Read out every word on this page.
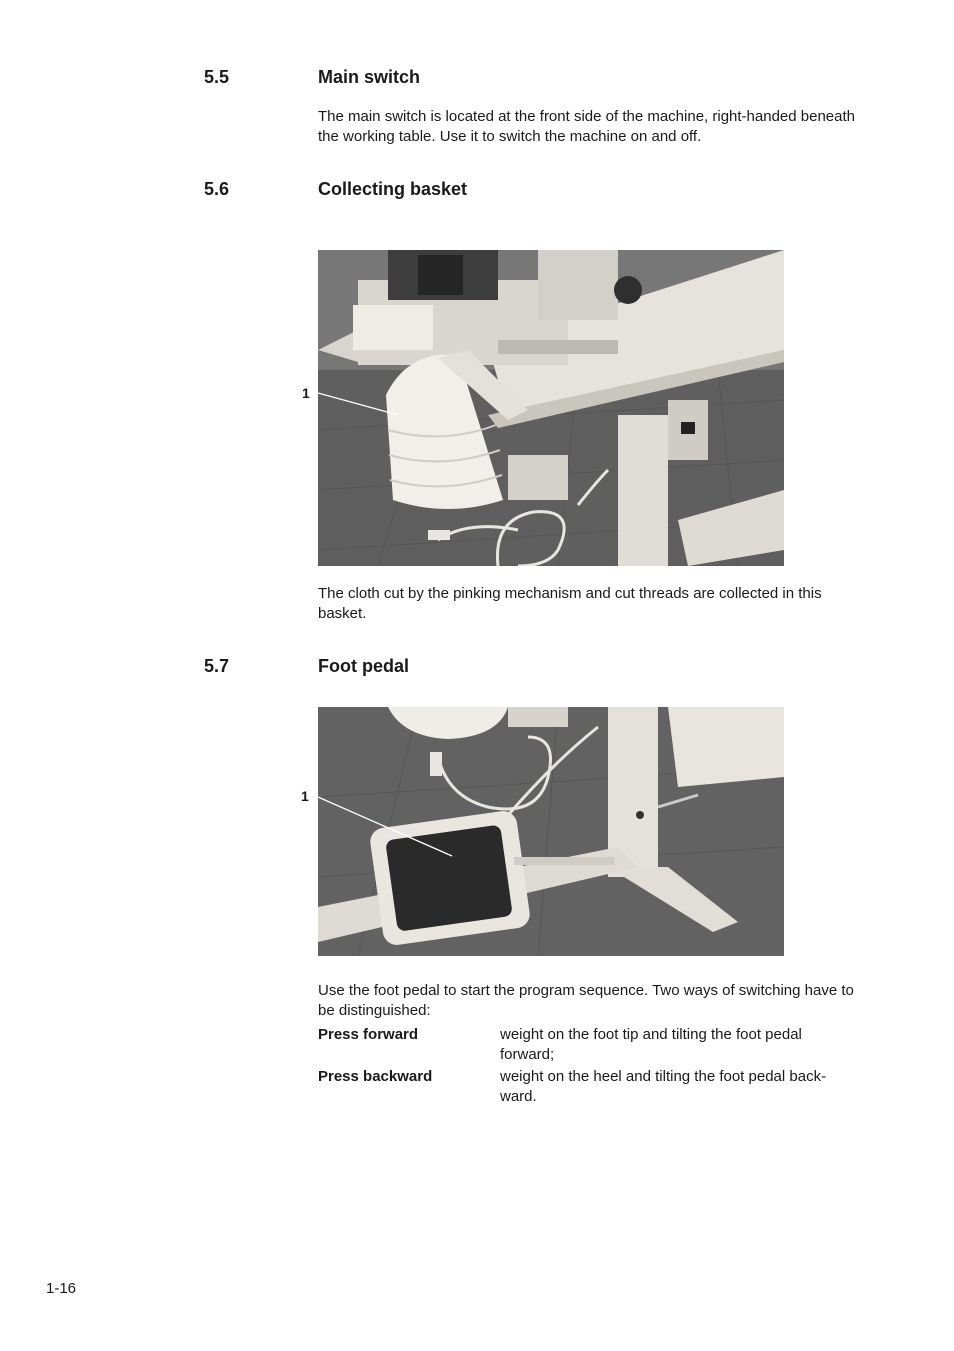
5.5	Main switch
The main switch is located at the front side of the machine, right-handed beneath the working table. Use it to switch the machine on and off.
5.6	Collecting basket
1
The cloth cut by the pinking mechanism and cut threads are collected in this basket.
5.7	Foot pedal
1
Use the foot pedal to start the program sequence. Two ways of switching have to be distinguished:
Press forward	weight on the foot tip and tilting the foot pedal forward;
Press backward	weight on the heel and tilting the foot pedal back-ward.
1-16
